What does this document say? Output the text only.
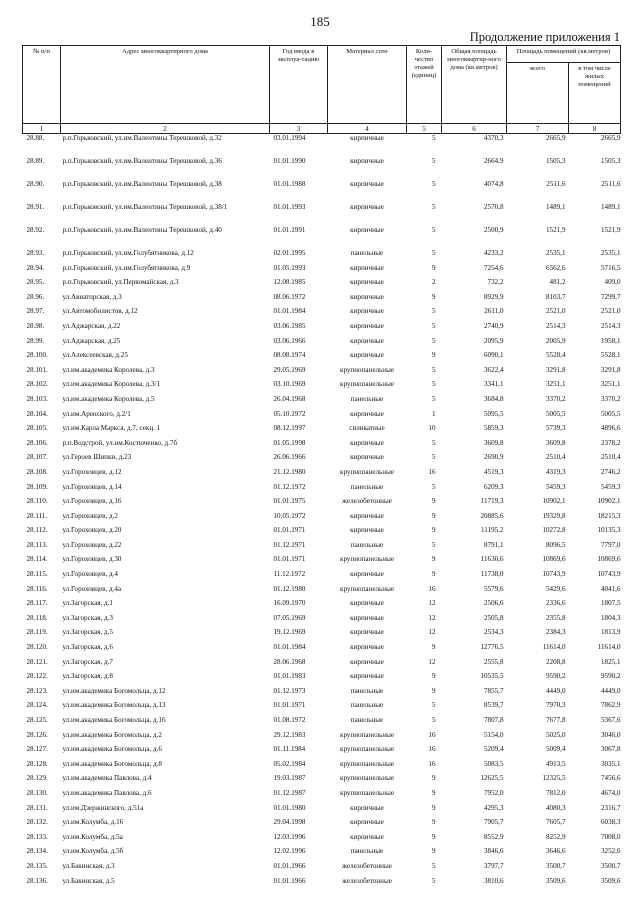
185
Продолжение приложения 1
№ п/п	Адрес многоквартирного дома	Год ввода в эксплуа-тацию	Материал стен	Коли-чество этажей (единиц)	Общая площадь многоквартир-ного дома (кв.метров)	Площадь помещений (кв.метров)	
						всего	в том числе жилых помещений
1	2	3	4	5	6	7	8
28.88.	р.п.Горьковский, ул.им.Валентины Терешковой, д.32	03.01.1994	кирпичные	5	4370,3	2665,9	2665,9
28.89.	р.п.Горьковский, ул.им.Валентины Терешковой, д.36	01.01.1990	кирпичные	5	2664,9	1505,3	1505,3
28.90.	р.п.Горьковский, ул.им.Валентины Терешковой, д.38	01.01.1988	кирпичные	5	4074,8	2511,6	2511,6
28.91.	р.п.Горьковский, ул.им.Валентины Терешковой, д.38/1	01.01.1993	кирпичные	5	2570,8	1489,1	1489,1
28.92.	р.п.Горьковский, ул.им.Валентины Терешковой, д.40	01.01.1991	кирпичные	5	2500,9	1521,9	1521,9
28.93.	р.п.Горьковский, ул.им.Голубятникова, д.12	02.01.1995	панельные	5	4233,2	2535,1	2535,1
28.94.	р.п.Горьковский, ул.им.Голубятникова, д.9	01.05.1993	кирпичные	9	7254,6	6562,6	5716,5
28.95.	р.п.Горьковский, ул.Первомайская, д.3	12.08.1985	кирпичные	2	732,2	481,2	409,0
28.96.	ул.Авиаторская, д.3	08.06.1972	кирпичные	9	8929,9	8103,7	7299,7
28.97.	ул.Автомобилистов, д.12	01.01.1984	кирпичные	5	2611,0	2521,0	2521,0
28.98.	ул.Аджарская, д.22	03.06.1985	кирпичные	5	2740,9	2514,3	2514,3
28.99.	ул.Аджарская, д.25	03.06.1966	кирпичные	5	2095,9	2005,9	1958,1
28.100.	ул.Алексеевская, д.25	08.08.1974	кирпичные	9	6090,1	5528,4	5528,1
28.101.	ул.им.академика Королева, д.3	29.05.1969	крупнопанельные	5	3622,4	3291,8	3291,8
28.102.	ул.им.академика Королева, д.3/1	03.10.1969	крупнопанельные	5	3341,1	3251,1	3251,1
28.103.	ул.им.академика Королева, д.5	26.04.1968	панельные	5	3684,8	3370,2	3370,2
28.104.	ул.им.Аренского, д.2/1	05.10.1972	кирпичные	1	5095,5	5005,5	5005,5
28.105.	ул.им.Карла Маркса, д.7, секц. 1	08.12.1997	силикатные	10	5859,3	5739,3	4896,6
28.106.	р.п.Водстрой, ул.им.Костюченко, д.7б	01.05.1998	кирпичные	5	3609,8	3609,8	2378,2
28.107.	ул.Героев Шипки, д.23	26.06.1966	кирпичные	5	2690,9	2510,4	2510,4
28.108.	ул.Гороховцев, д.12	21.12.1980	крупнопанельные	16	4519,3	4319,3	2746,2
28.109.	ул.Гороховцев, д.14	01.12.1972	панельные	5	6209,3	5459,3	5459,3
28.110.	ул.Гороховцев, д.16	01.01.1975	железобетонные	9	11719,3	10902,1	10902,1
28.111.	ул.Гороховцев, д.2	10.05.1972	кирпичные	9	20885,6	19329,8	18215,3
28.112.	ул.Гороховцев, д.20	01.01.1971	кирпичные	9	11195,2	10272,8	10135,3
28.113.	ул.Гороховцев, д.22	01.12.1971	панельные	5	8791,1	8096,5	7797,0
28.114.	ул.Гороховцев, д.30	01.01.1971	крупнопанельные	9	11630,6	10869,6	10869,6
28.115.	ул.Гороховцев, д.4	11.12.1972	кирпичные	9	11738,0	10743,9	10743,9
28.116.	ул.Гороховцев, д.4а	01.12.1980	крупнопанельные	16	5579,6	5429,6	4041,6
28.117.	ул.Загорская, д.1	16.09.1970	кирпичные	12	2506,6	2336,6	1807,5
28.118.	ул.Загорская, д.3	07.05.1969	кирпичные	12	2505,8	2355,8	1804,3
28.119.	ул.Загорская, д.5	19.12.1969	кирпичные	12	2534,3	2384,3	1813,9
28.120.	ул.Загорская, д.6	01.01.1984	кирпичные	9	12776,5	11614,0	11614,0
28.121.	ул.Загорская, д.7	28.06.1968	кирпичные	12	2555,8	2208,8	1825,1
28.122.	ул.Загорская, д.8	01.01.1983	кирпичные	9	10535,5	9590,2	9590,2
28.123.	ул.им.академика Богомольца, д.12	01.12.1973	панельные	9	7855,7	4449,0	4449,0
28.124.	ул.им.академика Богомольца, д.13	01.01.1971	панельные	5	8539,7	7970,3	7862,9
28.125.	ул.им.академика Богомольца, д.16	01.08.1972	панельные	5	7807,8	7677,8	5367,6
28.126.	ул.им.академика Богомольца, д.2	29.12.1983	крупнопанельные	16	5154,0	5025,0	3046,0
28.127.	ул.им.академика Богомольца, д.6	01.11.1984	крупнопанельные	16	5209,4	5009,4	3067,8
28.128.	ул.им.академика Богомольца, д.8	05.02.1984	крупнопанельные	16	5083,5	4913,5	3035,1
28.129.	ул.им.академика Павлова, д.4	19.03.1987	крупнопанельные	9	12625,5	12325,5	7456,6
28.130.	ул.им.академика Павлова, д.6	01.12.1987	крупнопанельные	9	7952,0	7812,0	4674,0
28.131.	ул.им.Дзержинского, д.51а	01.01.1980	кирпичные	9	4295,3	4080,3	2316,7
28.132.	ул.им.Колумба, д.16	29.04.1998	кирпичные	9	7905,7	7605,7	6038,3
28.133.	ул.им.Колумба, д.5а	12.03.1996	кирпичные	9	8552,9	8252,9	7008,0
28.134.	ул.им.Колумба, д.5б	12.02.1996	панельные	9	3846,6	3646,6	3252,6
28.135.	ул.Бакинская, д.3	01.01.1966	железобетонные	5	3797,7	3500,7	3500,7
28.136.	ул.Бакинская, д.5	01.01.1966	железобетонные	5	3810,6	3509,6	3509,6
